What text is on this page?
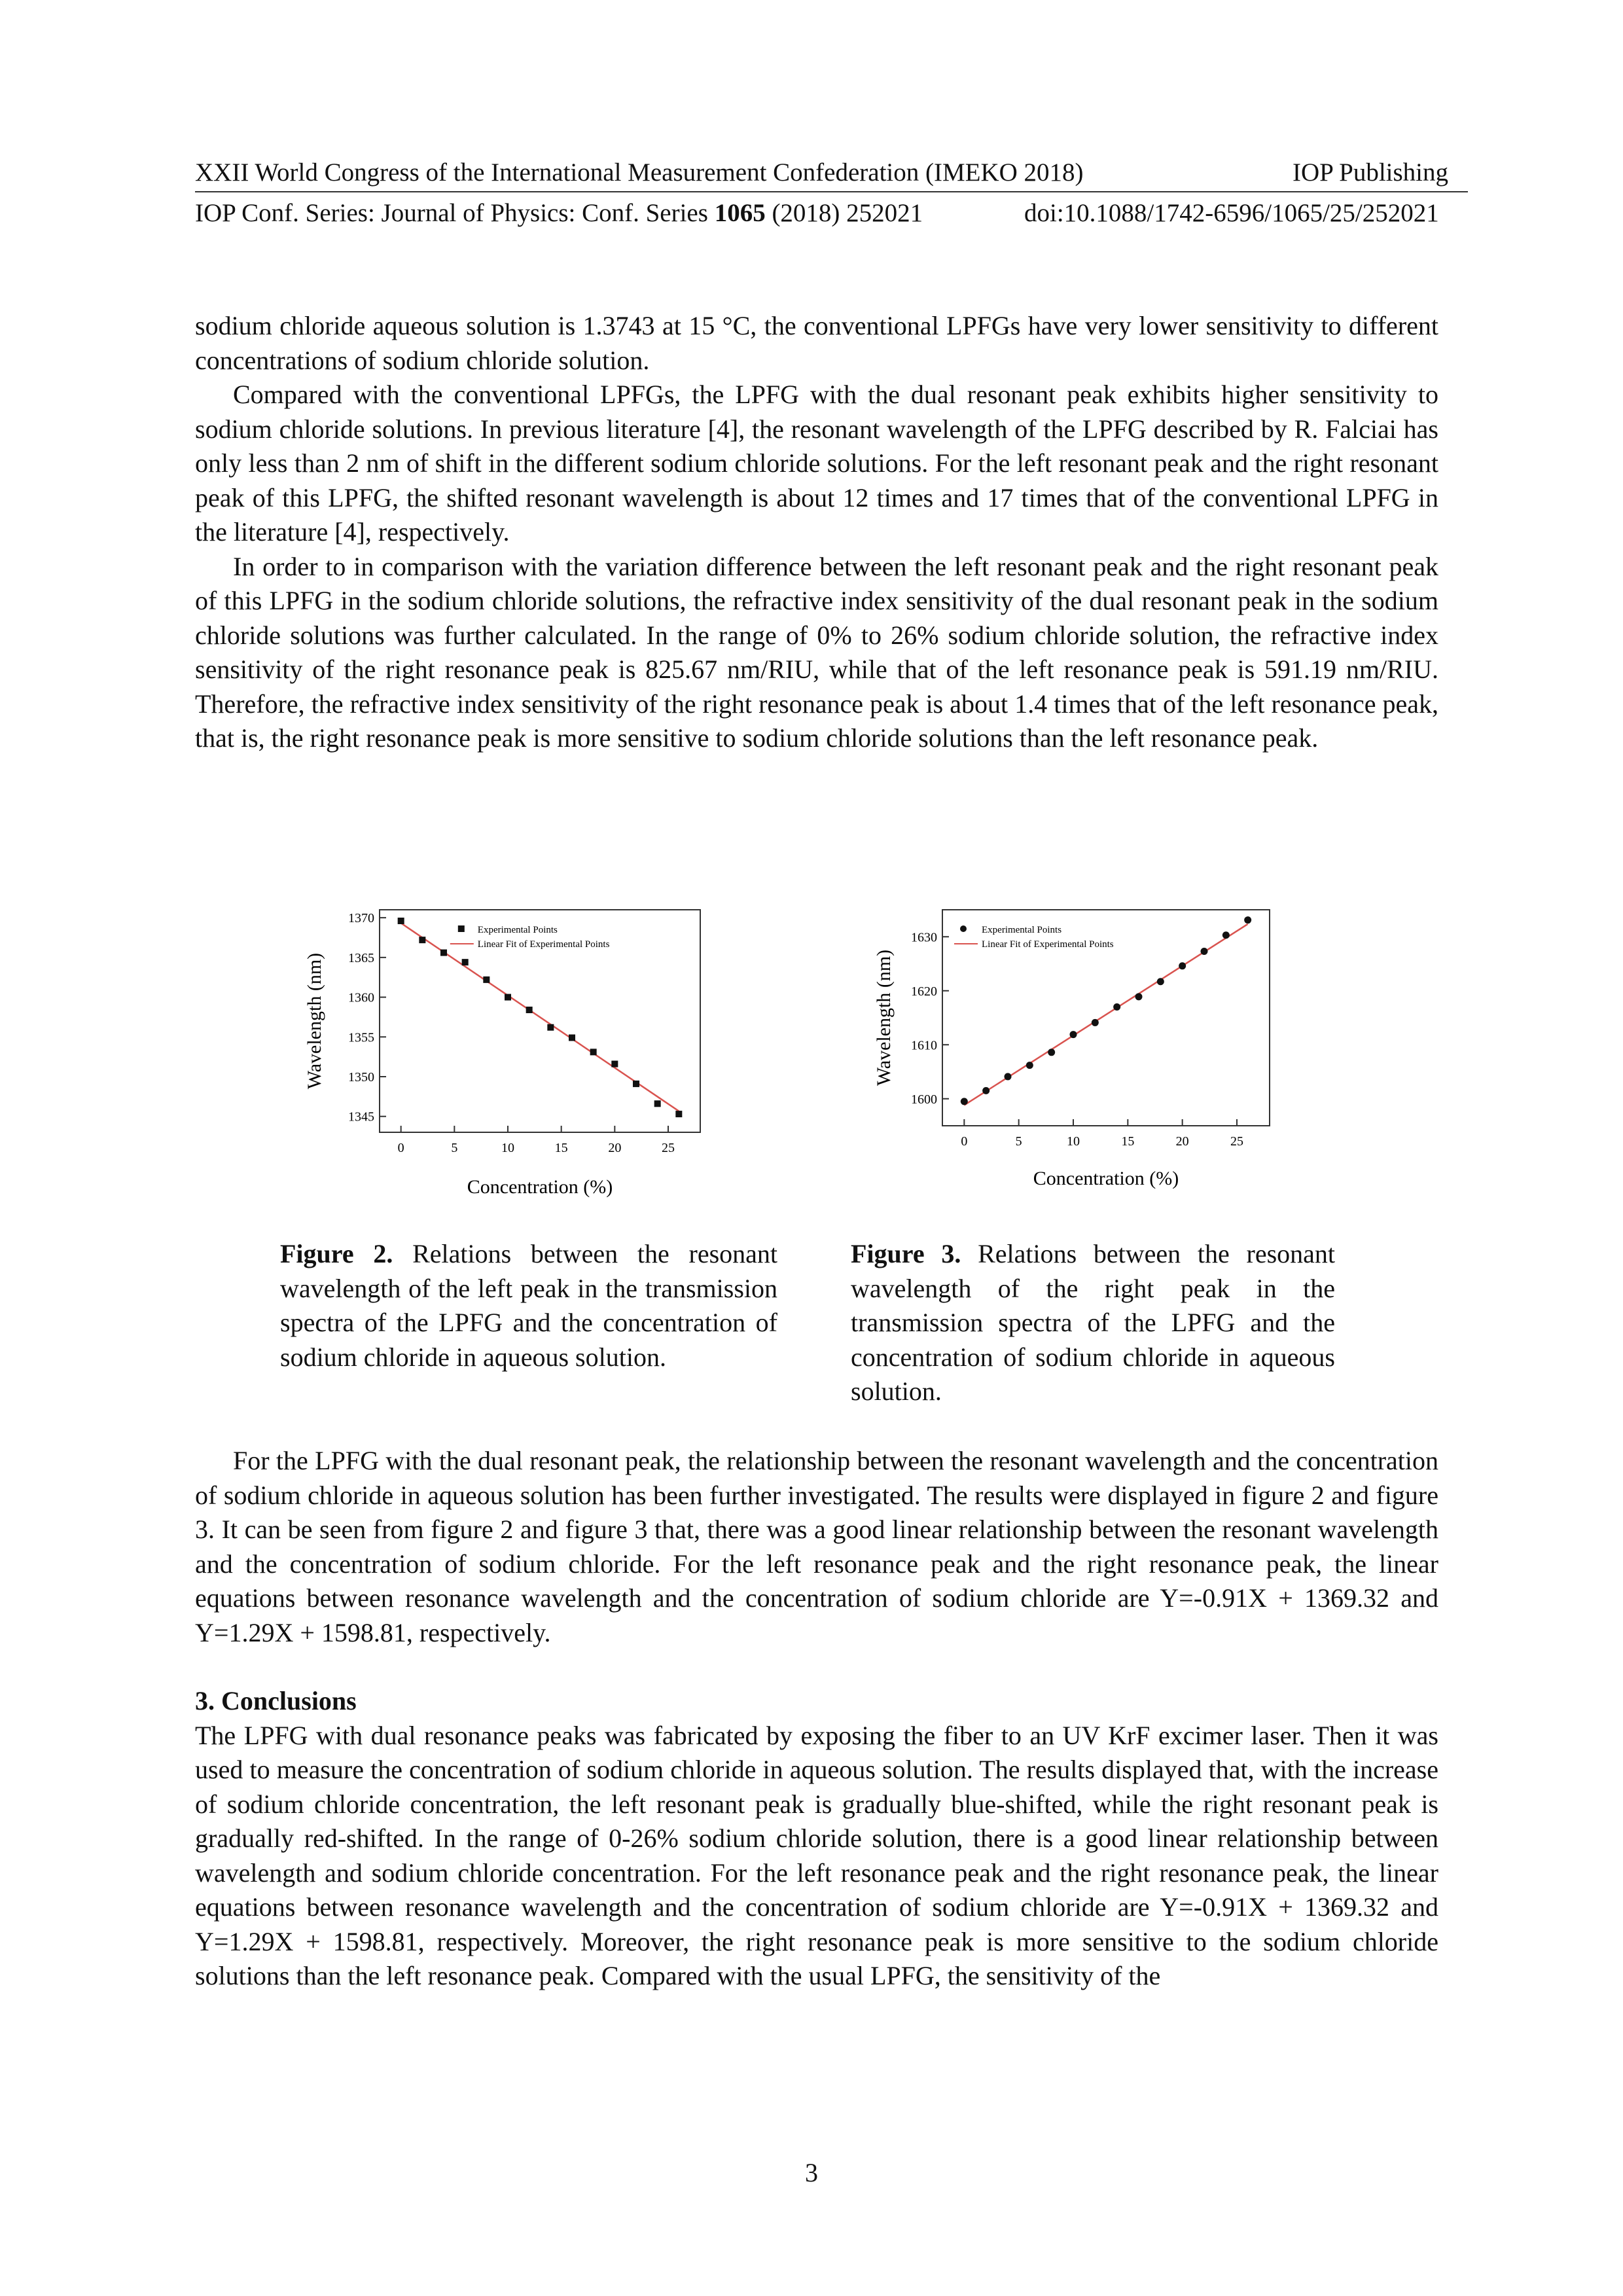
XXII World Congress of the International Measurement Confederation (IMEKO 2018)	IOP Publishing
IOP Conf. Series: Journal of Physics: Conf. Series 1065 (2018) 252021	doi:10.1088/1742-6596/1065/25/252021

sodium chloride aqueous solution is 1.3743 at 15 °C, the conventional LPFGs have very lower sensitivity to different concentrations of sodium chloride solution.

Compared with the conventional LPFGs, the LPFG with the dual resonant peak exhibits higher sensitivity to sodium chloride solutions. In previous literature [4], the resonant wavelength of the LPFG described by R. Falciai has only less than 2 nm of shift in the different sodium chloride solutions. For the left resonant peak and the right resonant peak of this LPFG, the shifted resonant wavelength is about 12 times and 17 times that of the conventional LPFG in the literature [4], respectively.

In order to in comparison with the variation difference between the left resonant peak and the right resonant peak of this LPFG in the sodium chloride solutions, the refractive index sensitivity of the dual resonant peak in the sodium chloride solutions was further calculated. In the range of 0% to 26% sodium chloride solution, the refractive index sensitivity of the right resonance peak is 825.67 nm/RIU, while that of the left resonance peak is 591.19 nm/RIU. Therefore, the refractive index sensitivity of the right resonance peak is about 1.4 times that of the left resonance peak, that is, the right resonance peak is more sensitive to sodium chloride solutions than the left resonance peak.

1345
1350
1355
1360
1365
1370
0	5	10	15	20	25
Experimental Points
Linear Fit of Experimental Points
Wavelength (nm)
Concentration (%)
1600
1610
1620
1630
0	5	10	15	20	25
Experimental Points
Linear Fit of Experimental Points
Wavelength (nm)
Concentration (%)
Figure 2. Relations between the resonant wavelength of the left peak in the transmission spectra of the LPFG and the concentration of sodium chloride in aqueous solution.
Figure 3. Relations between the resonant wavelength of the right peak in the transmission spectra of the LPFG and the concentration of sodium chloride in aqueous solution.

For the LPFG with the dual resonant peak, the relationship between the resonant wavelength and the concentration of sodium chloride in aqueous solution has been further investigated. The results were displayed in figure 2 and figure 3. It can be seen from figure 2 and figure 3 that, there was a good linear relationship between the resonant wavelength and the concentration of sodium chloride. For the left resonance peak and the right resonance peak, the linear equations between resonance wavelength and the concentration of sodium chloride are Y=-0.91X + 1369.32 and Y=1.29X + 1598.81, respectively.

3. Conclusions

The LPFG with dual resonance peaks was fabricated by exposing the fiber to an UV KrF excimer laser. Then it was used to measure the concentration of sodium chloride in aqueous solution. The results displayed that, with the increase of sodium chloride concentration, the left resonant peak is gradually blue-shifted, while the right resonant peak is gradually red-shifted. In the range of 0-26% sodium chloride solution, there is a good linear relationship between wavelength and sodium chloride concentration. For the left resonance peak and the right resonance peak, the linear equations between resonance wavelength and the concentration of sodium chloride are Y=-0.91X + 1369.32 and Y=1.29X + 1598.81, respectively. Moreover, the right resonance peak is more sensitive to the sodium chloride solutions than the left resonance peak. Compared with the usual LPFG, the sensitivity of the

3
